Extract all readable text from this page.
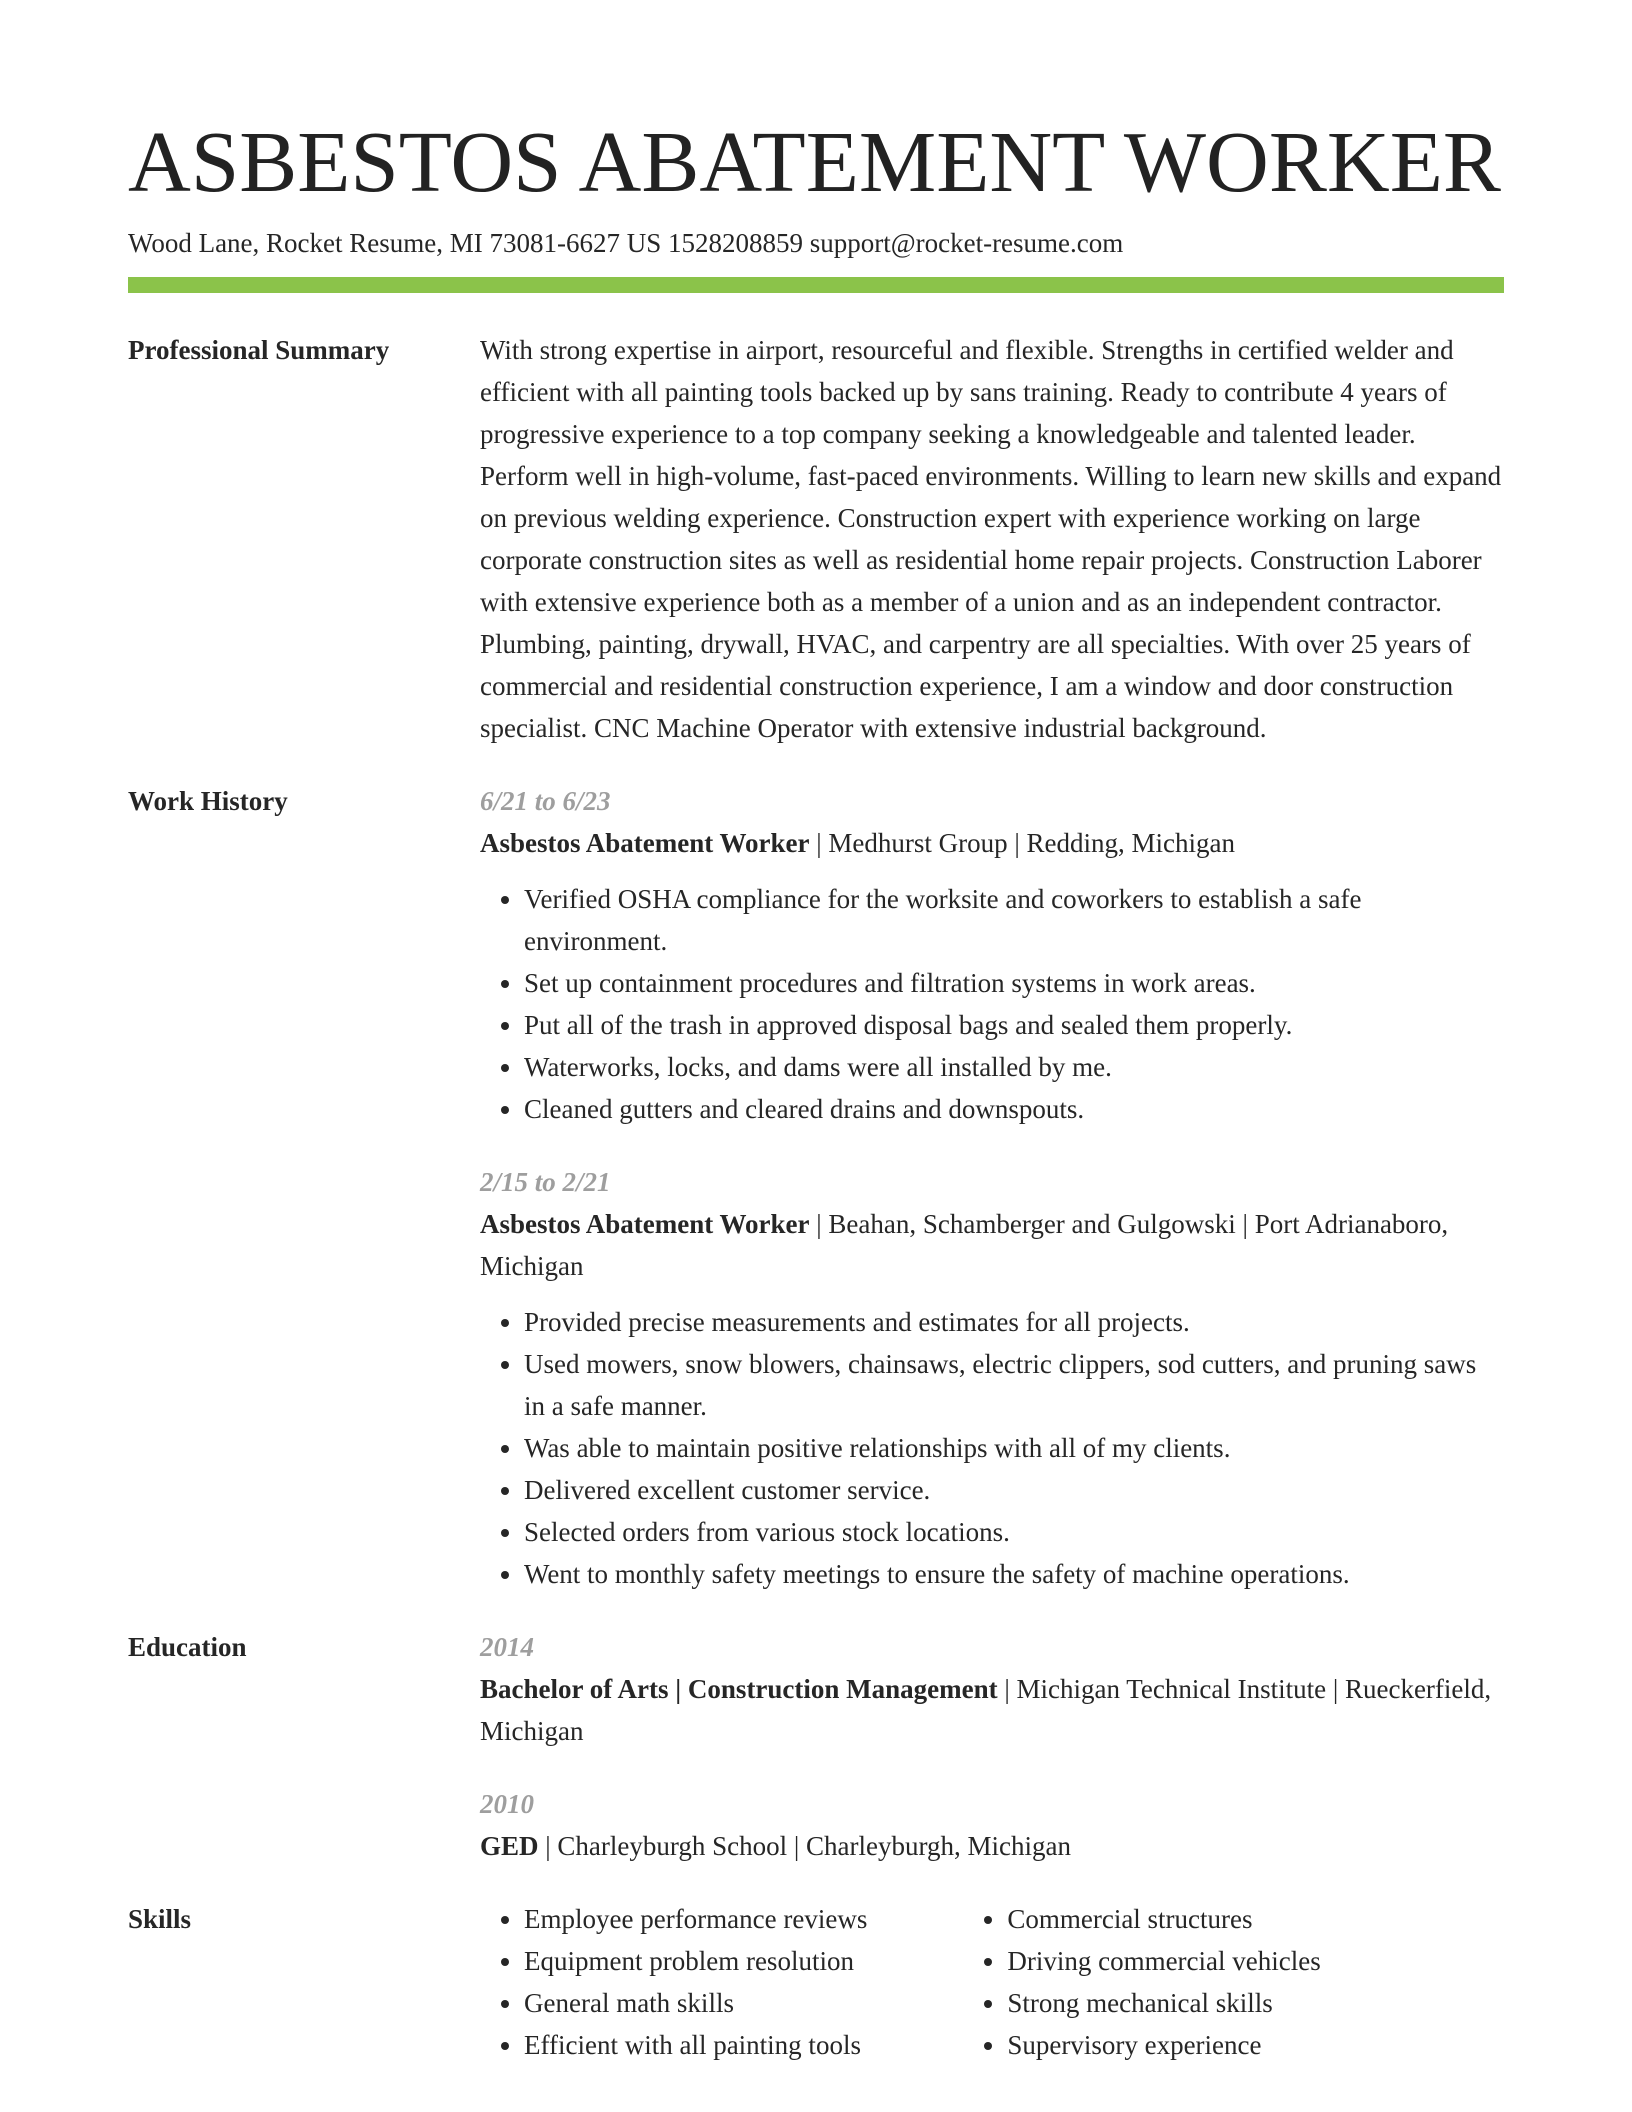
ASBESTOS ABATEMENT WORKER
Wood Lane, Rocket Resume, MI 73081-6627 US 1528208859 support@rocket-resume.com
Professional Summary	With strong expertise in airport, resourceful and flexible. Strengths in certified welder and efficient with all painting tools backed up by sans training. Ready to contribute 4 years of progressive experience to a top company seeking a knowledgeable and talented leader. Perform well in high-volume, fast-paced environments. Willing to learn new skills and expand on previous welding experience. Construction expert with experience working on large corporate construction sites as well as residential home repair projects. Construction Laborer with extensive experience both as a member of a union and as an independent contractor. Plumbing, painting, drywall, HVAC, and carpentry are all specialties. With over 25 years of commercial and residential construction experience, I am a window and door construction specialist. CNC Machine Operator with extensive industrial background.

Work History	6/21 to 6/23
Asbestos Abatement Worker | Medhurst Group | Redding, Michigan
• Verified OSHA compliance for the worksite and coworkers to establish a safe environment.
• Set up containment procedures and filtration systems in work areas.
• Put all of the trash in approved disposal bags and sealed them properly.
• Waterworks, locks, and dams were all installed by me.
• Cleaned gutters and cleared drains and downspouts.
2/15 to 2/21
Asbestos Abatement Worker | Beahan, Schamberger and Gulgowski | Port Adrianaboro, Michigan
• Provided precise measurements and estimates for all projects.
• Used mowers, snow blowers, chainsaws, electric clippers, sod cutters, and pruning saws in a safe manner.
• Was able to maintain positive relationships with all of my clients.
• Delivered excellent customer service.
• Selected orders from various stock locations.
• Went to monthly safety meetings to ensure the safety of machine operations.
Education	2014
Bachelor of Arts | Construction Management | Michigan Technical Institute | Rueckerfield, Michigan
2010
GED | Charleyburgh School | Charleyburgh, Michigan
Skills
•	Employee performance reviews
• Equipment problem resolution
• General math skills
• Efficient with all painting tools
• Commercial structures
• Driving commercial vehicles
• Strong mechanical skills
• Supervisory experience
